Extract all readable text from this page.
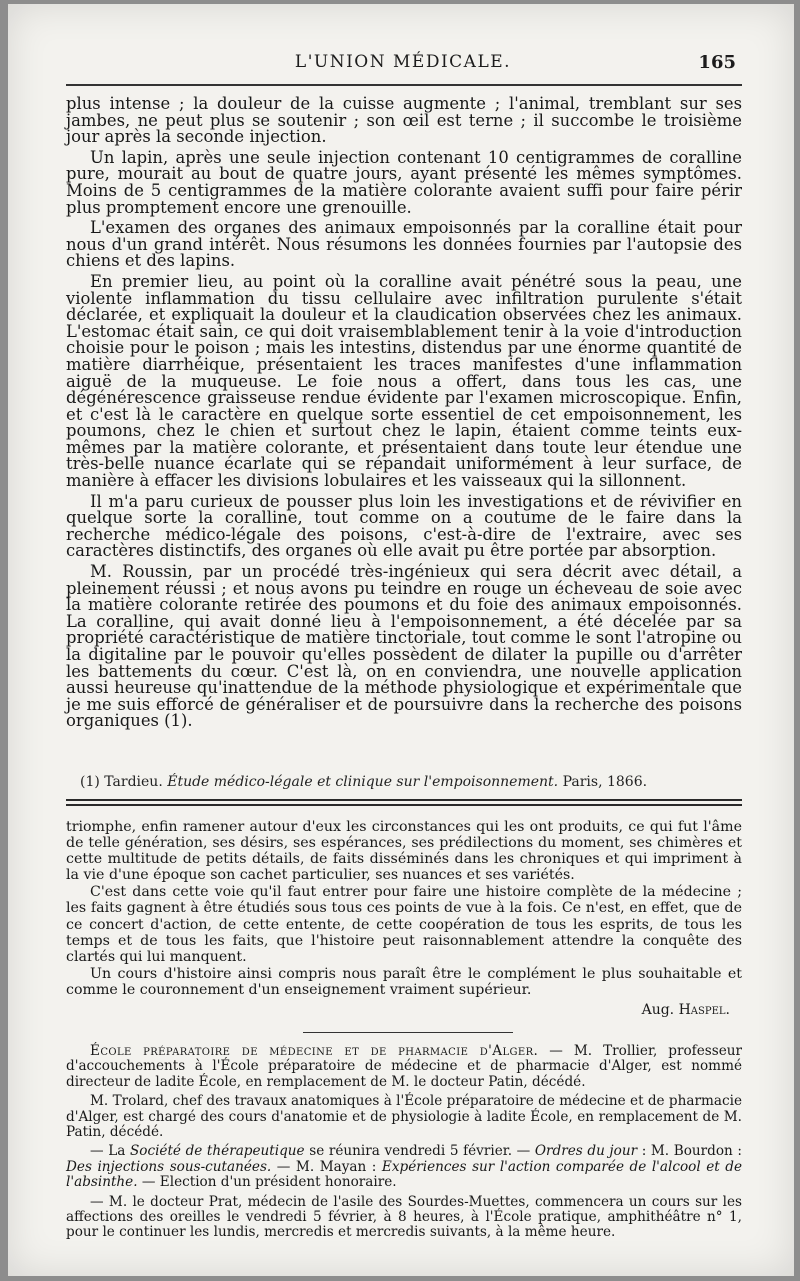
L'UNION MÉDICALE.	165

plus intense ; la douleur de la cuisse augmente ; l'animal, tremblant sur ses jambes, ne peut plus se soutenir ; son œil est terne ; il succombe le troisième jour après la seconde injection.

Un lapin, après une seule injection contenant 10 centigrammes de coralline pure, mourait au bout de quatre jours, ayant présenté les mêmes symptômes. Moins de 5 centigrammes de la matière colorante avaient suffi pour faire périr plus promptement encore une grenouille.

L'examen des organes des animaux empoisonnés par la coralline était pour nous d'un grand intérêt. Nous résumons les données fournies par l'autopsie des chiens et des lapins.

En premier lieu, au point où la coralline avait pénétré sous la peau, une violente inflammation du tissu cellulaire avec infiltration purulente s'était déclarée, et expliquait la douleur et la claudication observées chez les animaux. L'estomac était sain, ce qui doit vraisemblablement tenir à la voie d'introduction choisie pour le poison ; mais les intestins, distendus par une énorme quantité de matière diarrhéique, présentaient les traces manifestes d'une inflammation aiguë de la muqueuse. Le foie nous a offert, dans tous les cas, une dégénérescence graisseuse rendue évidente par l'examen microscopique. Enfin, et c'est là le caractère en quelque sorte essentiel de cet empoisonnement, les poumons, chez le chien et surtout chez le lapin, étaient comme teints eux-mêmes par la matière colorante, et présentaient dans toute leur étendue une très-belle nuance écarlate qui se répandait uniformément à leur surface, de manière à effacer les divisions lobulaires et les vaisseaux qui la sillonnent.

Il m'a paru curieux de pousser plus loin les investigations et de révivifier en quelque sorte la coralline, tout comme on a coutume de le faire dans la recherche médico-légale des poisons, c'est-à-dire de l'extraire, avec ses caractères distinctifs, des organes où elle avait pu être portée par absorption.

M. Roussin, par un procédé très-ingénieux qui sera décrit avec détail, a pleinement réussi ; et nous avons pu teindre en rouge un écheveau de soie avec la matière colorante retirée des poumons et du foie des animaux empoisonnés. La coralline, qui avait donné lieu à l'empoisonnement, a été décelée par sa propriété caractéristique de matière tinctoriale, tout comme le sont l'atropine ou la digitaline par le pouvoir qu'elles possèdent de dilater la pupille ou d'arrêter les battements du cœur. C'est là, on en conviendra, une nouvelle application aussi heureuse qu'inattendue de la méthode physiologique et expérimentale que je me suis efforcé de généraliser et de poursuivre dans la recherche des poisons organiques (1).

(1) Tardieu. Étude médico-légale et clinique sur l'empoisonnement. Paris, 1866.

triomphe, enfin ramener autour d'eux les circonstances qui les ont produits, ce qui fut l'âme de telle génération, ses désirs, ses espérances, ses prédilections du moment, ses chimères et cette multitude de petits détails, de faits disséminés dans les chroniques et qui impriment à la vie d'une époque son cachet particulier, ses nuances et ses variétés.

C'est dans cette voie qu'il faut entrer pour faire une histoire complète de la médecine ; les faits gagnent à être étudiés sous tous ces points de vue à la fois. Ce n'est, en effet, que de ce concert d'action, de cette entente, de cette coopération de tous les esprits, de tous les temps et de tous les faits, que l'histoire peut raisonnablement attendre la conquête des clartés qui lui manquent.

Un cours d'histoire ainsi compris nous paraît être le complément le plus souhaitable et comme le couronnement d'un enseignement vraiment supérieur.

Aug. Haspel.

École préparatoire de médecine et de pharmacie d'Alger. — M. Trollier, professeur d'accouchements à l'École préparatoire de médecine et de pharmacie d'Alger, est nommé directeur de ladite École, en remplacement de M. le docteur Patin, décédé.

M. Trolard, chef des travaux anatomiques à l'École préparatoire de médecine et de pharmacie d'Alger, est chargé des cours d'anatomie et de physiologie à ladite École, en remplacement de M. Patin, décédé.

— La Société de thérapeutique se réunira vendredi 5 février. — Ordres du jour : M. Bourdon : Des injections sous-cutanées. — M. Mayan : Expériences sur l'action comparée de l'alcool et de l'absinthe. — Election d'un président honoraire.

— M. le docteur Prat, médecin de l'asile des Sourdes-Muettes, commencera un cours sur les affections des oreilles le vendredi 5 février, à 8 heures, à l'École pratique, amphithéâtre n° 1, pour le continuer les lundis, mercredis et mercredis suivants, à la même heure.
